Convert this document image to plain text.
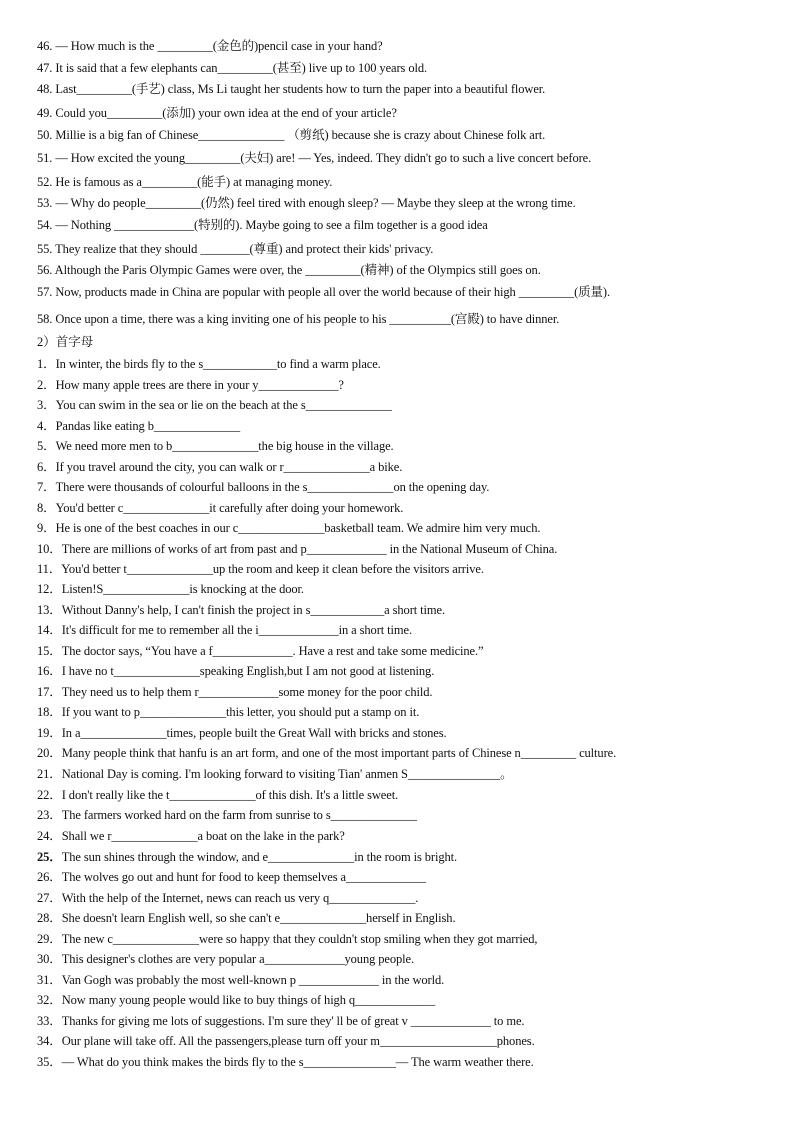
46. — How much is the _________(金色的)pencil case in your hand?
47. It is said that a few elephants can_________(甚至) live up to 100 years old.
48. Last_________(手艺) class, Ms Li taught her students how to turn the paper into a beautiful flower.
49. Could you_________(添加) your own idea at the end of your article?
50. Millie is a big fan of Chinese______________ （剪纸) because she is crazy about Chinese folk art.
51. — How excited the young_________(夫妇) are! — Yes, indeed. They didn't go to such a live concert before.
52. He is famous as a_________(能手) at managing money.
53. — Why do people_________(仍然) feel tired with enough sleep? — Maybe they sleep at the wrong time.
54. — Nothing _____________(特别的). Maybe going to see a film together is a good idea
55. They realize that they should ________(尊重) and protect their kids' privacy.
56. Although the Paris Olympic Games were over, the _________(精神) of the Olympics still goes on.
57. Now, products made in China are popular with people all over the world because of their high _________(质量).
58. Once upon a time, there was a king inviting one of his people to his __________(宫殿) to have dinner.
2）首字母
1．In winter, the birds fly to the s____________to find a warm place.
2．How many apple trees are there in your y_____________?
3．You can swim in the sea or lie on the beach at the s______________
4．Pandas like eating b______________
5．We need more men to b______________the big house in the village.
6．If you travel around the city, you can walk or r______________a bike.
7．There were thousands of colourful balloons in the s______________on the opening day.
8．You'd better c______________it carefully after doing your homework.
9．He is one of the best coaches in our c______________basketball team. We admire him very much.
10．There are millions of works of art from past and p_____________ in the National Museum of China.
11．You'd better t______________up the room and keep it clean before the visitors arrive.
12．Listen!S______________is knocking at the door.
13．Without Danny's help, I can't finish the project in s____________a short time.
14．It's difficult for me to remember all the i_____________in a short time.
15．The doctor says, “You have a f_____________. Have a rest and take some medicine.”
16．I have no t______________speaking English,but I am not good at listening.
17．They need us to help them r_____________some money for the poor child.
18．If you want to p______________this letter, you should put a stamp on it.
19．In a______________times, people built the Great Wall with bricks and stones.
20．Many people think that hanfu is an art form, and one of the most important parts of Chinese n_________ culture.
21．National Day is coming. I'm looking forward to visiting Tian' anmen S_______________。
22．I don't really like the t______________of this dish. It's a little sweet.
23．The farmers worked hard on the farm from sunrise to s______________
24．Shall we r______________a boat on the lake in the park?
25．The sun shines through the window, and e______________in the room is bright.
26．The wolves go out and hunt for food to keep themselves a_____________
27．With the help of the Internet, news can reach us very q______________.
28．She doesn't learn English well, so she can't e______________herself in English.
29．The new c______________were so happy that they couldn't stop smiling when they got married,
30．This designer's clothes are very popular a_____________young people.
31．Van Gogh was probably the most well-known p _____________ in the world.
32．Now many young people would like to buy things of high q_____________
33．Thanks for giving me lots of suggestions. I'm sure they' ll be of great v _____________ to me.
34．Our plane will take off. All the passengers,please turn off your m___________________phones.
35．— What do you think makes the birds fly to the s_______________— The warm weather there.
